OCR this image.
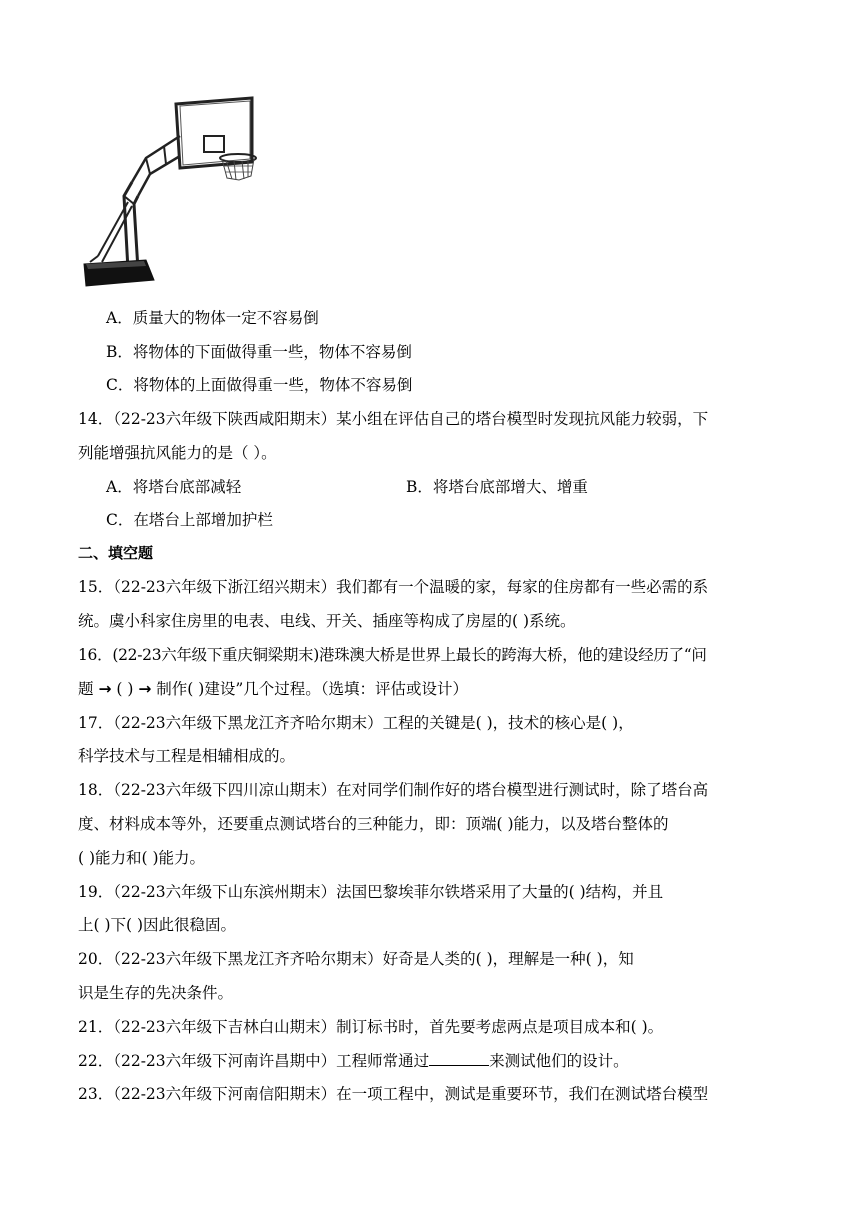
A．质量大的物体一定不容易倒
B．将物体的下面做得重一些，物体不容易倒
C．将物体的上面做得重一些，物体不容易倒
14．（22-23六年级下陕西咸阳期末）某小组在评估自己的塔台模型时发现抗风能力较弱，下
列能增强抗风能力的是（ ）。
A．将塔台底部减轻	B．将塔台底部增大、增重
C．在塔台上部增加护栏
二、填空题
15．（22-23六年级下浙江绍兴期末）我们都有一个温暖的家，每家的住房都有一些必需的系
统。虞小科家住房里的电表、电线、开关、插座等构成了房屋的( )系统。
16．(22-23六年级下重庆铜梁期末)港珠澳大桥是世界上最长的跨海大桥，他的建设经历了“问
题 → ( ) → 制作( )建设”几个过程。（选填：评估或设计）
17．（22-23六年级下黑龙江齐齐哈尔期末）工程的关键是( )，技术的核心是( )，
科学技术与工程是相辅相成的。
18．（22-23六年级下四川凉山期末）在对同学们制作好的塔台模型进行测试时，除了塔台高
度、材料成本等外，还要重点测试塔台的三种能力，即：顶端( )能力，以及塔台整体的
( )能力和( )能力。
19．（22-23六年级下山东滨州期末）法国巴黎埃菲尔铁塔采用了大量的( )结构，并且
上( )下( )因此很稳固。
20．（22-23六年级下黑龙江齐齐哈尔期末）好奇是人类的( )，理解是一种( )，知
识是生存的先决条件。
21．（22-23六年级下吉林白山期末）制订标书时，首先要考虑两点是项目成本和( )。
22．（22-23六年级下河南许昌期中）工程师常通过	来测试他们的设计。
23．（22-23六年级下河南信阳期末）在一项工程中，测试是重要环节，我们在测试塔台模型
